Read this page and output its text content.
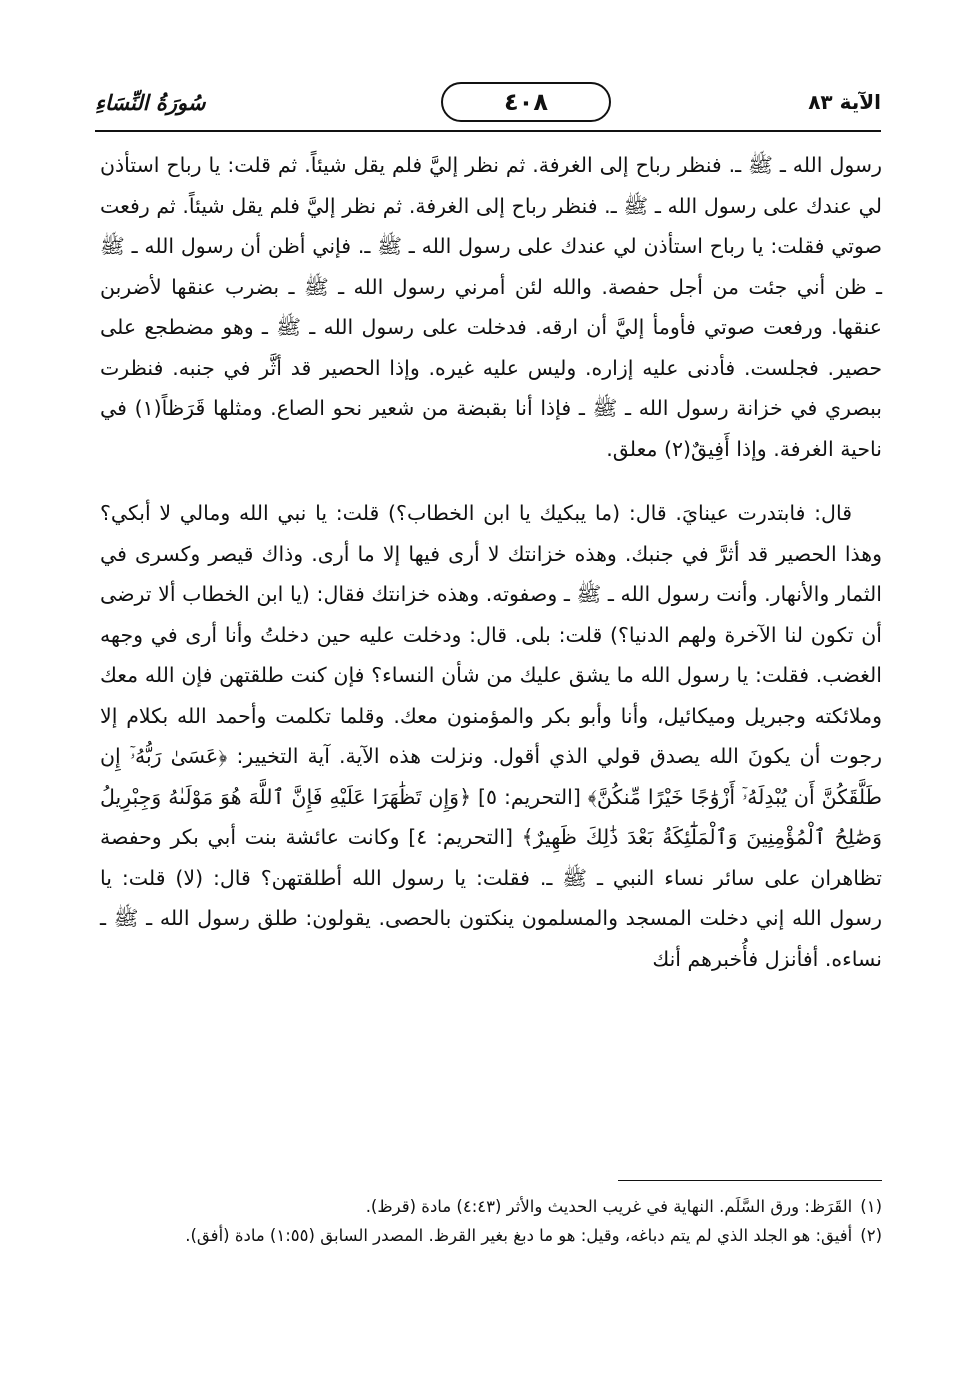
سُورَةُ النِّسَاءِ	٤٠٨	الآية ٨٣

رسول الله ـ ﷺ ـ. فنظر رباح إلى الغرفة. ثم نظر إليَّ فلم يقل شيئاً. ثم قلت: يا رباح استأذن لي عندك على رسول الله ـ ﷺ ـ. فنظر رباح إلى الغرفة. ثم نظر إليَّ فلم يقل شيئاً. ثم رفعت صوتي فقلت: يا رباح استأذن لي عندك على رسول الله ـ ﷺ ـ. فإني أظن أن رسول الله ـ ﷺ ـ ظن أني جئت من أجل حفصة. والله لئن أمرني رسول الله ـ ﷺ ـ بضرب عنقها لأضربن عنقها. ورفعت صوتي فأومأ إليَّ أن ارقه. فدخلت على رسول الله ـ ﷺ ـ وهو مضطجع على حصير. فجلست. فأدنى عليه إزاره. وليس عليه غيره. وإذا الحصير قد أثَّر في جنبه. فنظرت ببصري في خزانة رسول الله ـ ﷺ ـ فإذا أنا بقبضة من شعير نحو الصاع. ومثلها قَرَظاً(١) في ناحية الغرفة. وإذا أَفِيقٌ(٢) معلق.

قال: فابتدرت عينايَ. قال: (ما يبكيك يا ابن الخطاب؟) قلت: يا نبي الله ومالي لا أبكي؟ وهذا الحصير قد أثرَّ في جنبك. وهذه خزانتك لا أرى فيها إلا ما أرى. وذاك قيصر وكسرى في الثمار والأنهار. وأنت رسول الله ـ ﷺ ـ وصفوته. وهذه خزانتك فقال: (يا ابن الخطاب ألا ترضى أن تكون لنا الآخرة ولهم الدنيا؟) قلت: بلى. قال: ودخلت عليه حين دخلتُ وأنا أرى في وجهه الغضب. فقلت: يا رسول الله ما يشق عليك من شأن النساء؟ فإن كنت طلقتهن فإن الله معك وملائكته وجبريل وميكائيل، وأنا وأبو بكر والمؤمنون معك. وقلما تكلمت وأحمد الله بكلام إلا رجوت أن يكونَ الله يصدق قولي الذي أقول. ونزلت هذه الآية. آية التخيير: ﴿عَسَىٰ رَبُّهُۥٓ إِن طَلَّقَكُنَّ أَن يُبْدِلَهُۥٓ أَزْوَٰجًا خَيْرًا مِّنكُنَّ﴾ [التحريم: ٥] ﴿وَإِن تَظَٰهَرَا عَلَيْهِ فَإِنَّ ٱللَّهَ هُوَ مَوْلَىٰهُ وَجِبْرِيلُ وَصَٰلِحُ ٱلْمُؤْمِنِينَ وَٱلْمَلَٰٓئِكَةُ بَعْدَ ذَٰلِكَ ظَهِيرٌ﴾ [التحريم: ٤] وكانت عائشة بنت أبي بكر وحفصة تظاهران على سائر نساء النبي ـ ﷺ ـ. فقلت: يا رسول الله أطلقتهن؟ قال: (لا) قلت: يا رسول الله إني دخلت المسجد والمسلمون ينكتون بالحصى. يقولون: طلق رسول الله ـ ﷺ ـ نساءه. أفأنزل فأُخبرهم أنك

(١)
القَرَظ: ورق السَّلَم. النهاية في غريب الحديث والأثر (٤:٤٣) مادة (قرظ).
(٢)
أفيق: هو الجلد الذي لم يتم دباغه، وقيل: هو ما دبغ بغير القرظ. المصدر السابق (١:٥٥) مادة (أفق).
